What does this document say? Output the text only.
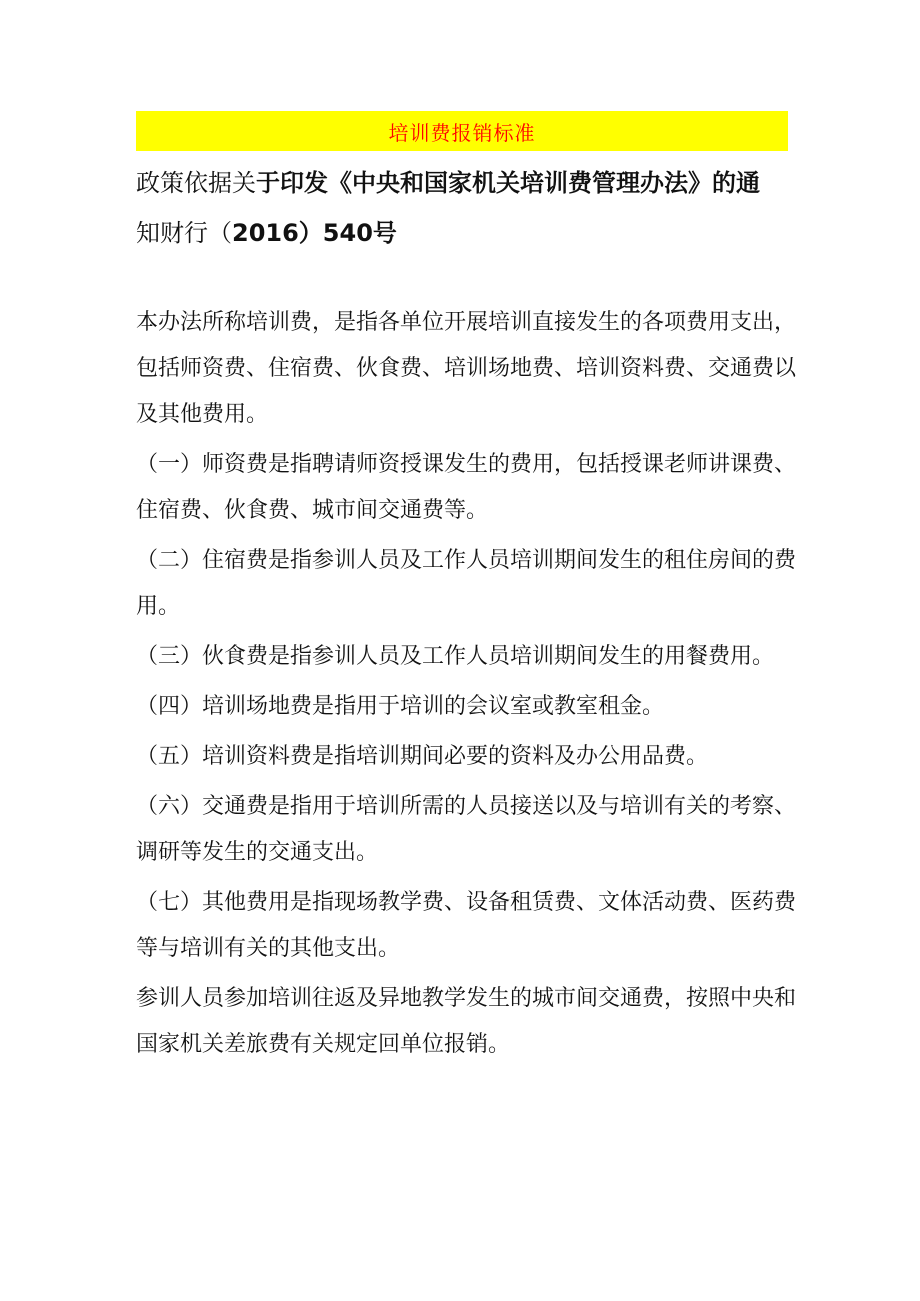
培训费报销标准

政策依据关于印发《中央和国家机关培训费管理办法》的通
知财行（2016）540号

本办法所称培训费，是指各单位开展培训直接发生的各项费用支出，包括师资费、住宿费、伙食费、培训场地费、培训资料费、交通费以及其他费用。

（一）师资费是指聘请师资授课发生的费用，包括授课老师讲课费、住宿费、伙食费、城市间交通费等。

（二）住宿费是指参训人员及工作人员培训期间发生的租住房间的费用。

（三）伙食费是指参训人员及工作人员培训期间发生的用餐费用。

（四）培训场地费是指用于培训的会议室或教室租金。

（五）培训资料费是指培训期间必要的资料及办公用品费。

（六）交通费是指用于培训所需的人员接送以及与培训有关的考察、调研等发生的交通支出。

（七）其他费用是指现场教学费、设备租赁费、文体活动费、医药费等与培训有关的其他支出。

参训人员参加培训往返及异地教学发生的城市间交通费，按照中央和国家机关差旅费有关规定回单位报销。
